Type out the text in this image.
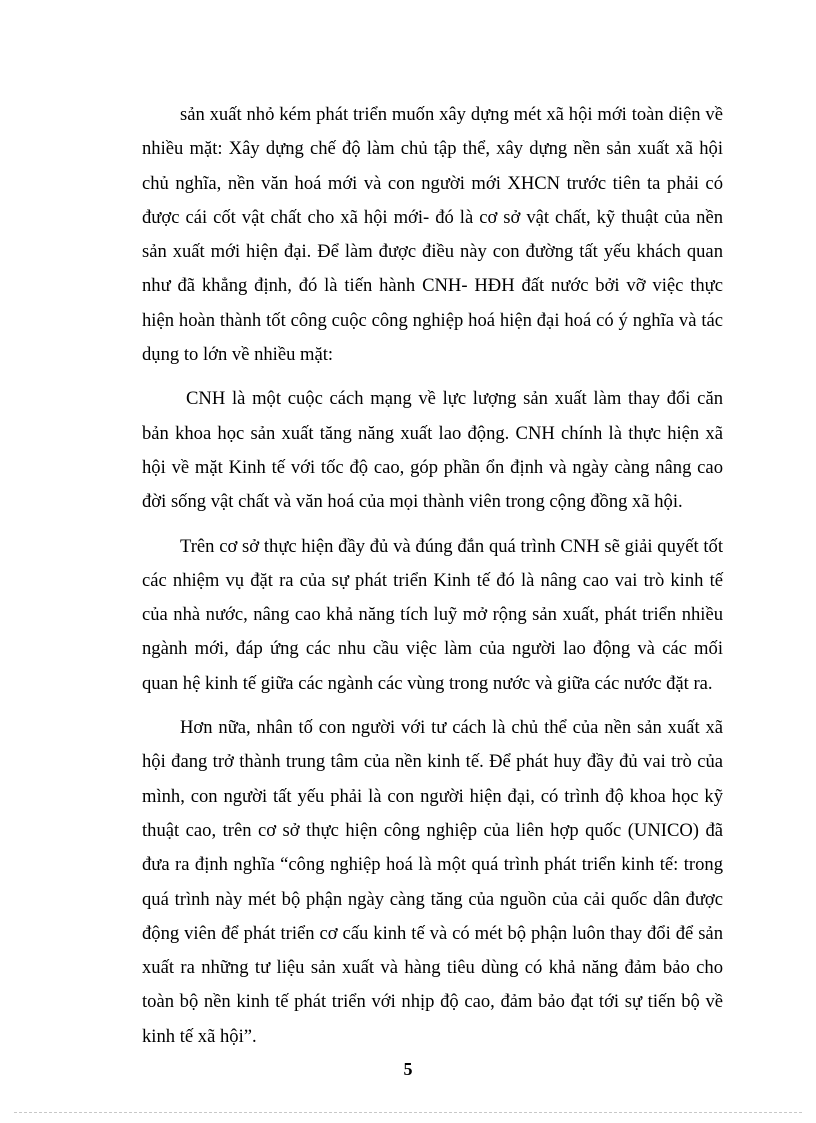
sản xuất nhỏ kém phát triển muốn xây dựng mét xã hội mới toàn diện về nhiều mặt: Xây dựng chế độ làm chủ tập thể, xây dựng nền sản xuất xã hội chủ nghĩa, nền văn hoá mới và con người mới XHCN trước tiên ta phải có được cái cốt vật chất cho xã hội mới- đó là cơ sở vật chất, kỹ thuật của nền sản xuất mới hiện đại. Để làm được điều này con đường tất yếu khách quan như đã khẳng định, đó là tiến hành CNH- HĐH đất nước bởi vỡ việc thực hiện hoàn thành tốt công cuộc công nghiệp hoá hiện đại hoá có ý nghĩa và tác dụng to lớn về nhiều mặt:

CNH là một cuộc cách mạng về lực lượng sản xuất làm thay đổi căn bản khoa học sản xuất tăng năng xuất lao động. CNH chính là thực hiện xã hội về mặt Kinh tế với tốc độ cao, góp phần ổn định và ngày càng nâng cao đời sống vật chất và văn hoá của mọi thành viên trong cộng đồng xã hội.

Trên cơ sở thực hiện đầy đủ và đúng đắn quá trình CNH sẽ giải quyết tốt các nhiệm vụ đặt ra của sự phát triển Kinh tế đó là nâng cao vai trò kinh tế của nhà nước, nâng cao khả năng tích luỹ mở rộng sản xuất, phát triển nhiều ngành mới, đáp ứng các nhu cầu việc làm của người lao động và các mối quan hệ kinh tế giữa các ngành các vùng trong nước và giữa các nước đặt ra.

Hơn nữa, nhân tố con người với tư cách là chủ thể của nền sản xuất xã hội đang trở thành trung tâm của nền kinh tế. Để phát huy đầy đủ vai trò của mình, con người tất yếu phải là con người hiện đại, có trình độ khoa học kỹ thuật cao, trên cơ sở thực hiện công nghiệp của liên hợp quốc (UNICO) đã đưa ra định nghĩa “công nghiệp hoá là một quá trình phát triển kinh tế: trong quá trình này mét bộ phận ngày càng tăng của nguồn của cải quốc dân được động viên để phát triển cơ cấu kinh tế và có mét bộ phận luôn thay đổi để sản xuất ra những tư liệu sản xuất và hàng tiêu dùng có khả năng đảm bảo cho toàn bộ nền kinh tế phát triển với nhịp độ cao, đảm bảo đạt tới sự tiến bộ về kinh tế xã hội”.

5
